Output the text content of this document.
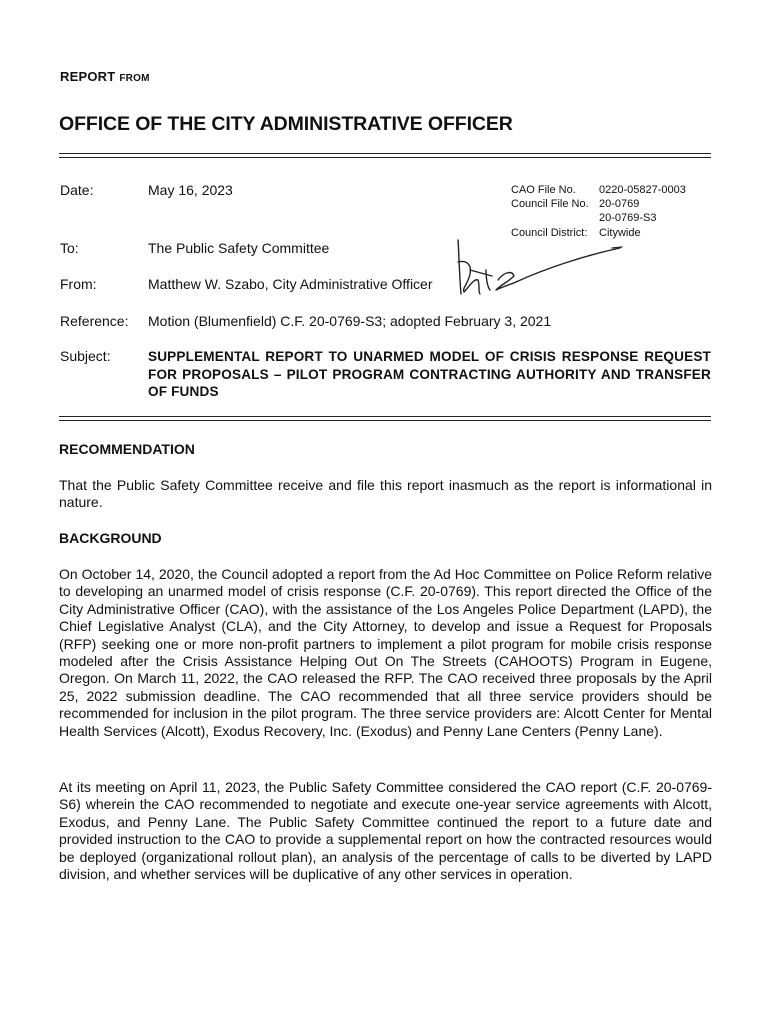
REPORT FROM
OFFICE OF THE CITY ADMINISTRATIVE OFFICER
Date:	May 16, 2023	CAO File No.	0220-05827-0003
Council File No. 20-0769
20-0769-S3
Council District:	Citywide
To:	The Public Safety Committee
From:	Matthew W. Szabo, City Administrative Officer
Reference: Motion (Blumenfield) C.F. 20-0769-S3; adopted February 3, 2021
Subject:	SUPPLEMENTAL REPORT TO UNARMED MODEL OF CRISIS RESPONSE REQUEST FOR PROPOSALS – PILOT PROGRAM CONTRACTING AUTHORITY AND TRANSFER OF FUNDS
RECOMMENDATION
That the Public Safety Committee receive and file this report inasmuch as the report is informational in nature.
BACKGROUND
On October 14, 2020, the Council adopted a report from the Ad Hoc Committee on Police Reform relative to developing an unarmed model of crisis response (C.F. 20-0769). This report directed the Office of the City Administrative Officer (CAO), with the assistance of the Los Angeles Police Department (LAPD), the Chief Legislative Analyst (CLA), and the City Attorney, to develop and issue a Request for Proposals (RFP) seeking one or more non-profit partners to implement a pilot program for mobile crisis response modeled after the Crisis Assistance Helping Out On The Streets (CAHOOTS) Program in Eugene, Oregon. On March 11, 2022, the CAO released the RFP. The CAO received three proposals by the April 25, 2022 submission deadline. The CAO recommended that all three service providers should be recommended for inclusion in the pilot program. The three service providers are: Alcott Center for Mental Health Services (Alcott), Exodus Recovery, Inc. (Exodus) and Penny Lane Centers (Penny Lane).
At its meeting on April 11, 2023, the Public Safety Committee considered the CAO report (C.F. 20-0769-S6) wherein the CAO recommended to negotiate and execute one-year service agreements with Alcott, Exodus, and Penny Lane. The Public Safety Committee continued the report to a future date and provided instruction to the CAO to provide a supplemental report on how the contracted resources would be deployed (organizational rollout plan), an analysis of the percentage of calls to be diverted by LAPD division, and whether services will be duplicative of any other services in operation.
